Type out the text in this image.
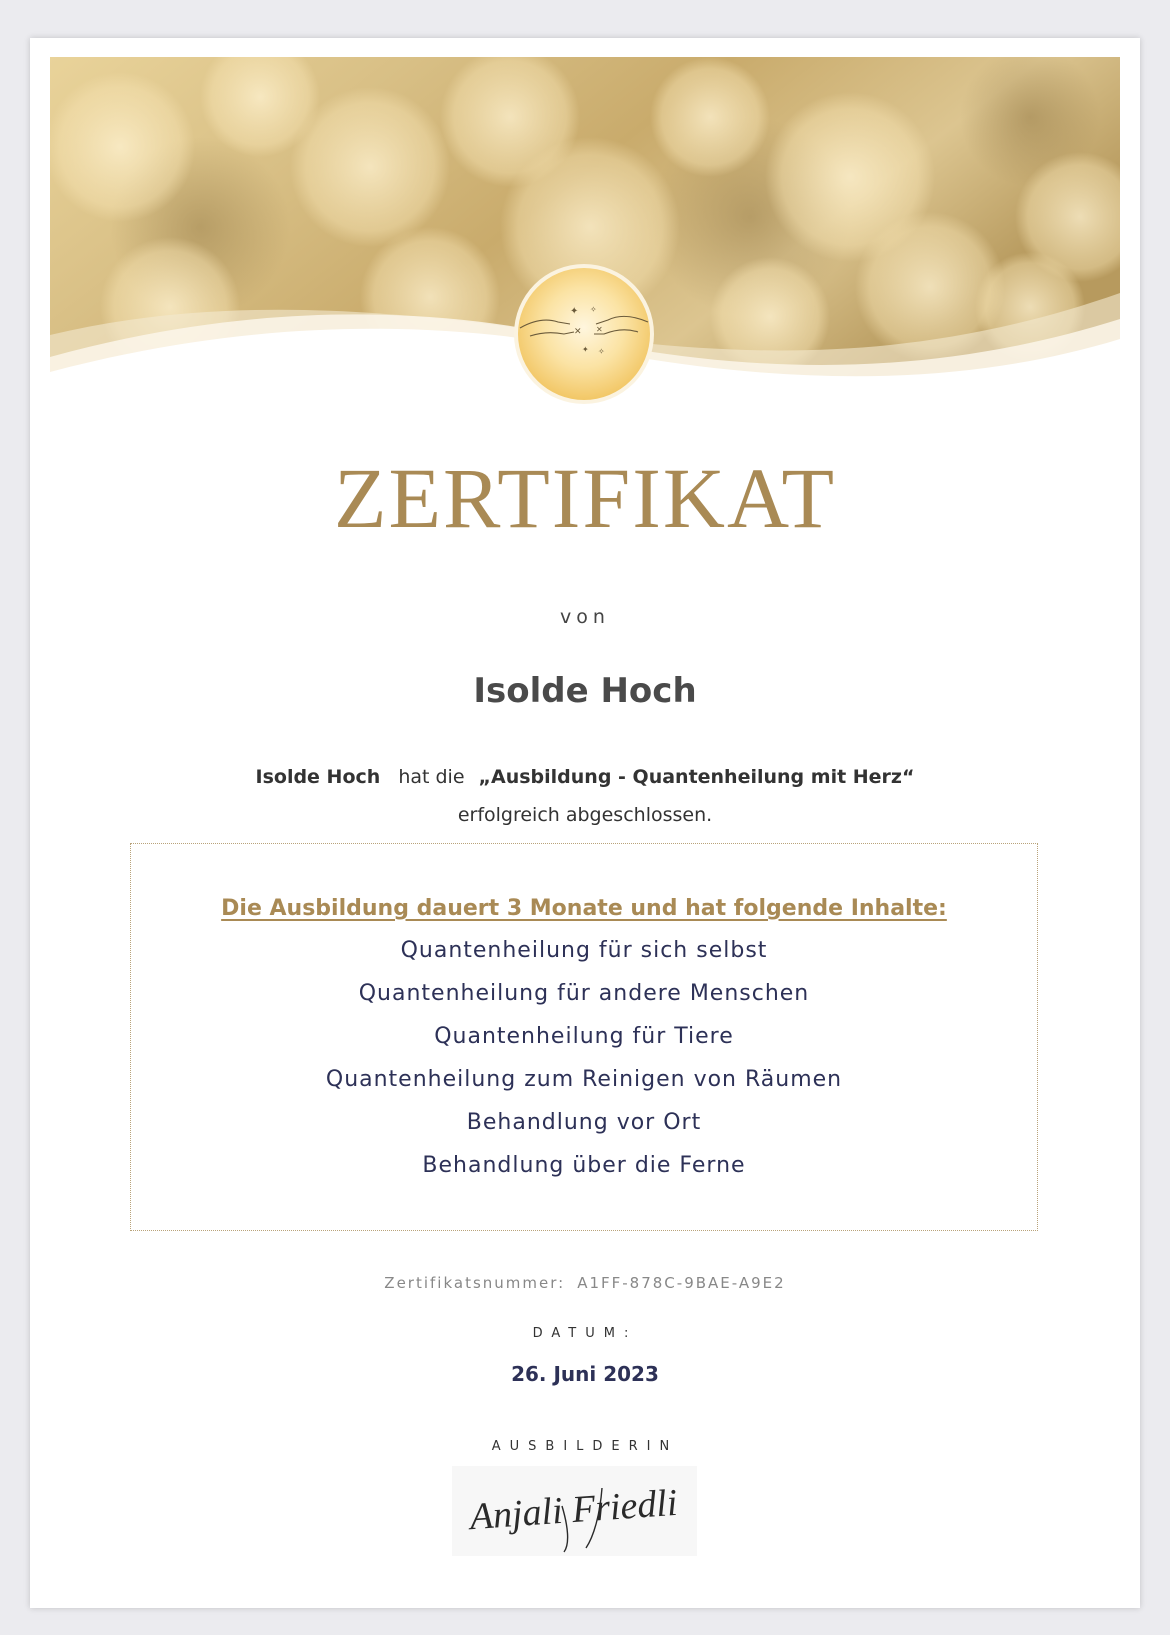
✦ ✧
✕ ✕
✦ ✧
ZERTIFIKAT
von
Isolde Hoch
Isolde Hoch hat die „Ausbildung - Quantenheilung mit Herz“
erfolgreich abgeschlossen.
Die Ausbildung dauert 3 Monate und hat folgende Inhalte:
Quantenheilung für sich selbst
Quantenheilung für andere Menschen
Quantenheilung für Tiere
Quantenheilung zum Reinigen von Räumen
Behandlung vor Ort
Behandlung über die Ferne
Zertifikatsnummer: A1FF-878C-9BAE-A9E2
DATUM:
26. Juni 2023
AUSBILDERIN
Anjali Friedli
